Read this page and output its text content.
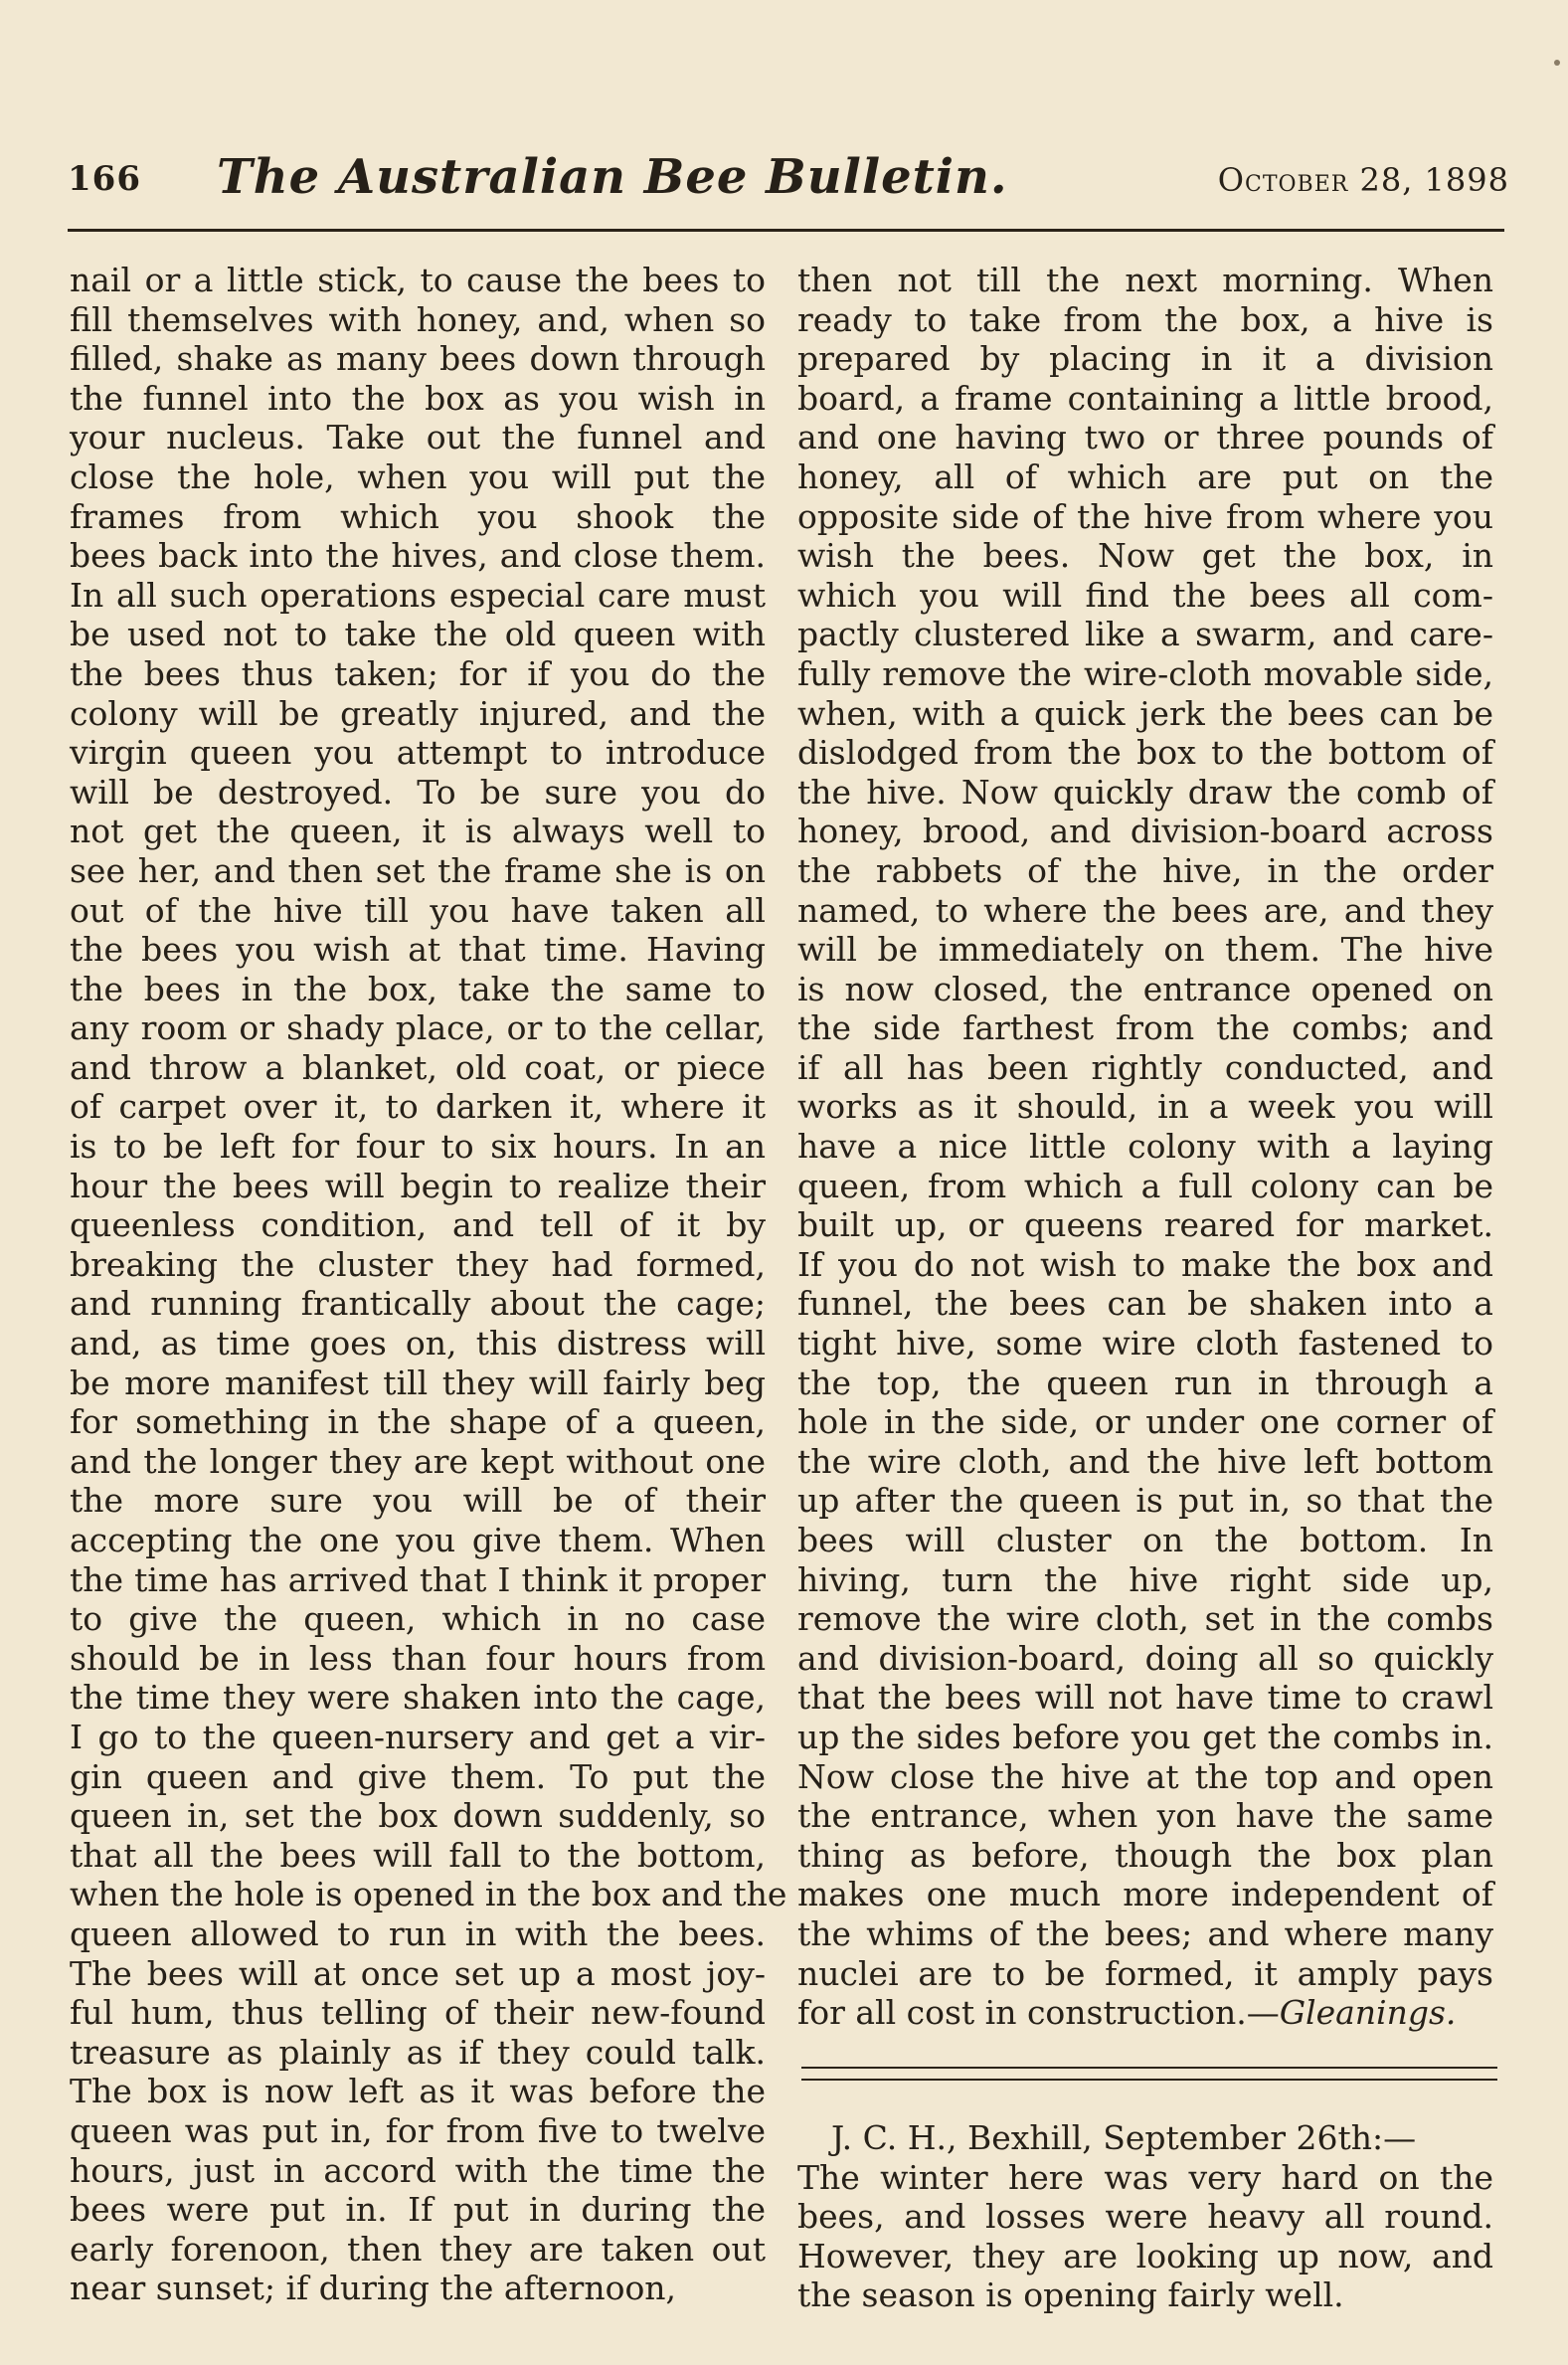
166 The Australian Bee Bulletin.	October 28, 1898
nail or a little stick, to cause the bees to
fill themselves with honey, and, when so
filled, shake as many bees down through
the funnel into the box as you wish in
your nucleus. Take out the funnel and
close the hole, when you will put the
frames from which you shook the
bees back into the hives, and close them.
In all such operations especial care must
be used not to take the old queen with
the bees thus taken; for if you do the
colony will be greatly injured, and the
virgin queen you attempt to introduce
will be destroyed. To be sure you do
not get the queen, it is always well to
see her, and then set the frame she is on
out of the hive till you have taken all
the bees you wish at that time. Having
the bees in the box, take the same to
any room or shady place, or to the cellar,
and throw a blanket, old coat, or piece
of carpet over it, to darken it, where it
is to be left for four to six hours. In an
hour the bees will begin to realize their
queenless condition, and tell of it by
breaking the cluster they had formed,
and running frantically about the cage;
and, as time goes on, this distress will
be more manifest till they will fairly beg
for something in the shape of a queen,
and the longer they are kept without one
the more sure you will be of their
accepting the one you give them. When
the time has arrived that I think it proper
to give the queen, which in no case
should be in less than four hours from
the time they were shaken into the cage,
I go to the queen-nursery and get a vir-
gin queen and give them. To put the
queen in, set the box down suddenly, so
that all the bees will fall to the bottom,
when the hole is opened in the box and the
queen allowed to run in with the bees.
The bees will at once set up a most joy-
ful hum, thus telling of their new-found
treasure as plainly as if they could talk.
The box is now left as it was before the
queen was put in, for from five to twelve
hours, just in accord with the time the
bees were put in. If put in during the
early forenoon, then they are taken out
near sunset; if during the afternoon,
then not till the next morning. When
ready to take from the box, a hive is
prepared by placing in it a division
board, a frame containing a little brood,
and one having two or three pounds of
honey, all of which are put on the
opposite side of the hive from where you
wish the bees. Now get the box, in
which you will find the bees all com-
pactly clustered like a swarm, and care-
fully remove the wire-cloth movable side,
when, with a quick jerk the bees can be
dislodged from the box to the bottom of
the hive. Now quickly draw the comb of
honey, brood, and division-board across
the rabbets of the hive, in the order
named, to where the bees are, and they
will be immediately on them. The hive
is now closed, the entrance opened on
the side farthest from the combs; and
if all has been rightly conducted, and
works as it should, in a week you will
have a nice little colony with a laying
queen, from which a full colony can be
built up, or queens reared for market.
If you do not wish to make the box and
funnel, the bees can be shaken into a
tight hive, some wire cloth fastened to
the top, the queen run in through a
hole in the side, or under one corner of
the wire cloth, and the hive left bottom
up after the queen is put in, so that the
bees will cluster on the bottom. In
hiving, turn the hive right side up,
remove the wire cloth, set in the combs
and division-board, doing all so quickly
that the bees will not have time to crawl
up the sides before you get the combs in.
Now close the hive at the top and open
the entrance, when yon have the same
thing as before, though the box plan
makes one much more independent of
the whims of the bees; and where many
nuclei are to be formed, it amply pays
for all cost in construction.—Gleanings.
J. C. H., Bexhill, September 26th:—
The winter here was very hard on the
bees, and losses were heavy all round.
However, they are looking up now, and
the season is opening fairly well.
